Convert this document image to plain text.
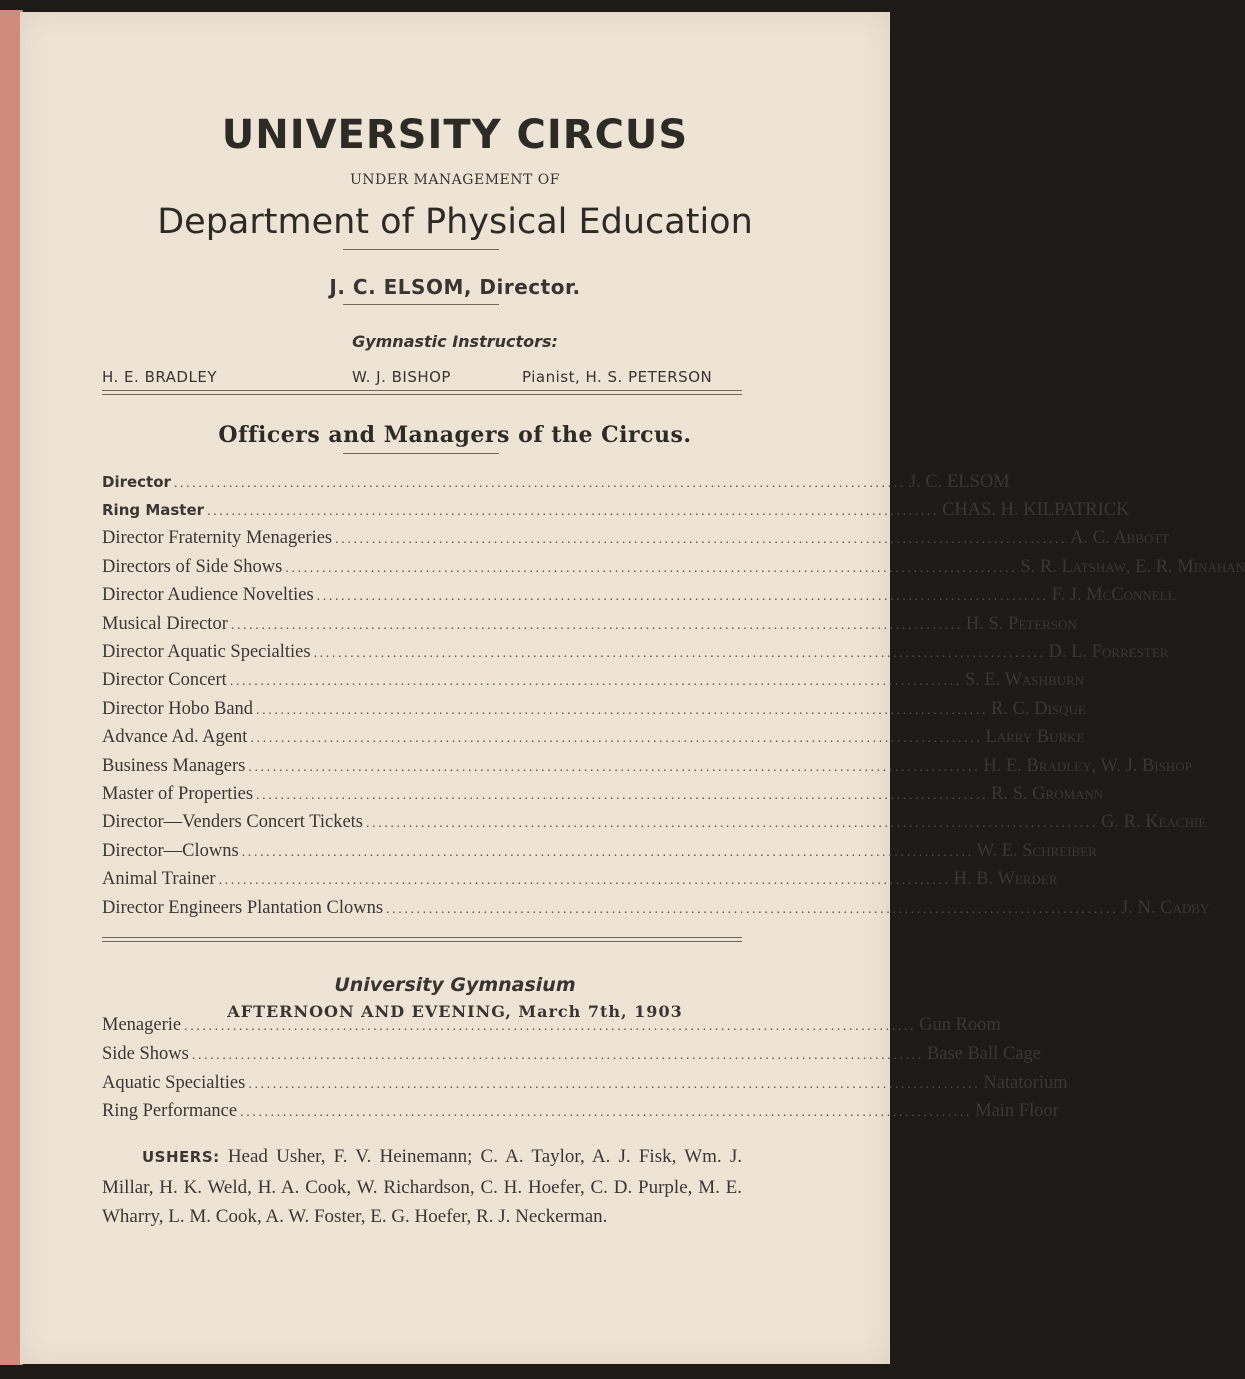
UNIVERSITY CIRCUS
UNDER MANAGEMENT OF
Department of Physical Education
J. C. ELSOM, Director.
Gymnastic Instructors:
H. E. BRADLEY	W. J. BISHOP	Pianist, H. S. PETERSON
Officers and Managers of the Circus.
Director ........................................................................................................................ J. C. ELSOM
Ring Master ........................................................................................................................ CHAS. H. KILPATRICK
Director Fraternity Menageries ........................................................................................................................ A. C. Abbott
Directors of Side Shows ........................................................................................................................ S. R. Latshaw, E. R. Minahan
Director Audience Novelties ........................................................................................................................ F. J. McConnell
Musical Director ........................................................................................................................ H. S. Peterson
Director Aquatic Specialties ........................................................................................................................ D. L. Forrester
Director Concert ........................................................................................................................ S. E. Washburn
Director Hobo Band ........................................................................................................................ R. C. Disque
Advance Ad. Agent ........................................................................................................................ Larry Burke
Business Managers ........................................................................................................................ H. E. Bradley, W. J. Bishop
Master of Properties ........................................................................................................................ R. S. Gromann
Director—Venders Concert Tickets ........................................................................................................................ G. R. Keachie
Director—Clowns ........................................................................................................................ W. E. Schreiber
Animal Trainer ........................................................................................................................ H. B. Werder
Director Engineers Plantation Clowns ........................................................................................................................ J. N. Cadby
University Gymnasium
AFTERNOON AND EVENING, March 7th, 1903
Menagerie ........................................................................................................................ Gun Room
Side Shows ........................................................................................................................ Base Ball Cage
Aquatic Specialties ........................................................................................................................ Natatorium
Ring Performance ........................................................................................................................ Main Floor
USHERS: Head Usher, F. V. Heinemann; C. A. Taylor, A. J. Fisk, Wm. J. Millar, H. K. Weld, H. A. Cook, W. Richardson, C. H. Hoefer, C. D. Purple, M. E. Wharry, L. M. Cook, A. W. Foster, E. G. Hoefer, R. J. Neckerman.
